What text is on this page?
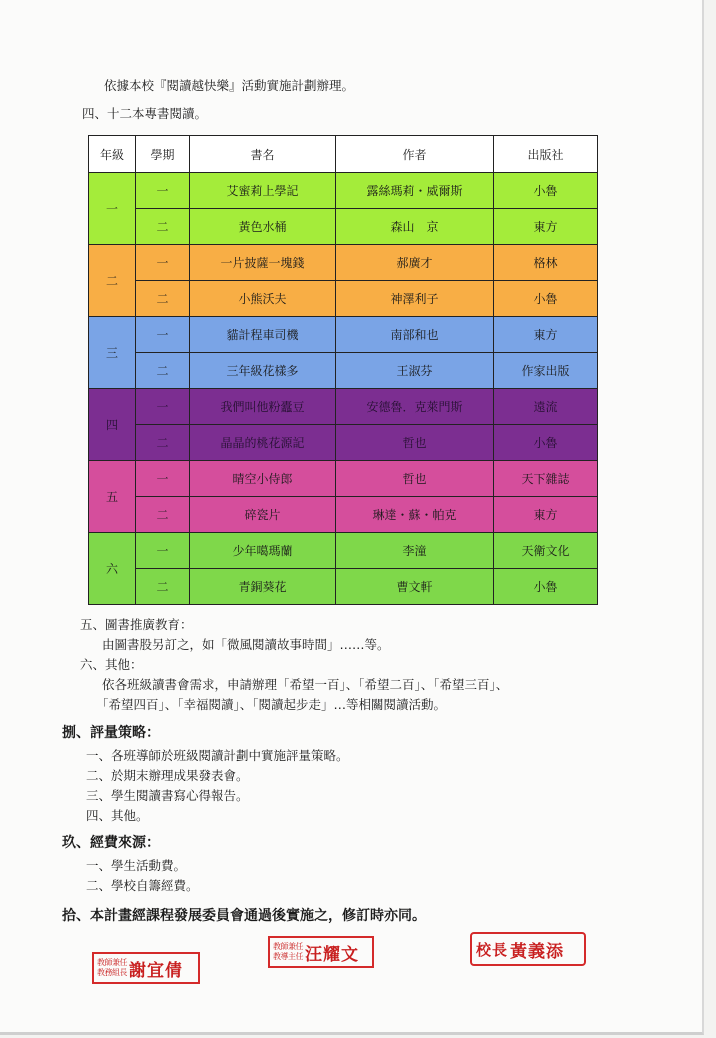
依據本校『閱讀越快樂』活動實施計劃辦理。
四、十二本專書閱讀。
年級	學期	書名	作者	出版社
一	一	艾蜜莉上學記	露絲瑪莉・威爾斯	小魯
	二	黃色水桶	森山　京	東方
二	一	一片披薩一塊錢	郝廣才	格林
	二	小熊沃夫	神澤利子	小魯
三	一	貓計程車司機	南部和也	東方
	二	三年級花樣多	王淑芬	作家出版
四	一	我們叫他粉蠹豆	安德魯．克萊門斯	遠流
	二	晶晶的桃花源記	哲也	小魯
五	一	晴空小侍郎	哲也	天下雜誌
	二	碎瓷片	琳達・蘇・帕克	東方
六	一	少年噶瑪蘭	李潼	天衛文化
	二	青銅葵花	曹文軒	小魯
五、圖書推廣教育：
由圖書股另訂之，如「微風閱讀故事時間」……等。
六、其他：
依各班級讀書會需求，申請辦理「希望一百」、「希望二百」、「希望三百」、
「希望四百」、「幸福閱讀」、「閱讀起步走」…等相關閱讀活動。
捌、評量策略：
一、各班導師於班級閱讀計劃中實施評量策略。
二、於期末辦理成果發表會。
三、學生閱讀書寫心得報告。
四、其他。
玖、經費來源：
一、學生活動費。
二、學校自籌經費。
拾、本計畫經課程發展委員會通過後實施之，修訂時亦同。
教師兼任
教務組長 謝宜倩
教師兼任
教導主任 汪耀文	校長 黃義添
